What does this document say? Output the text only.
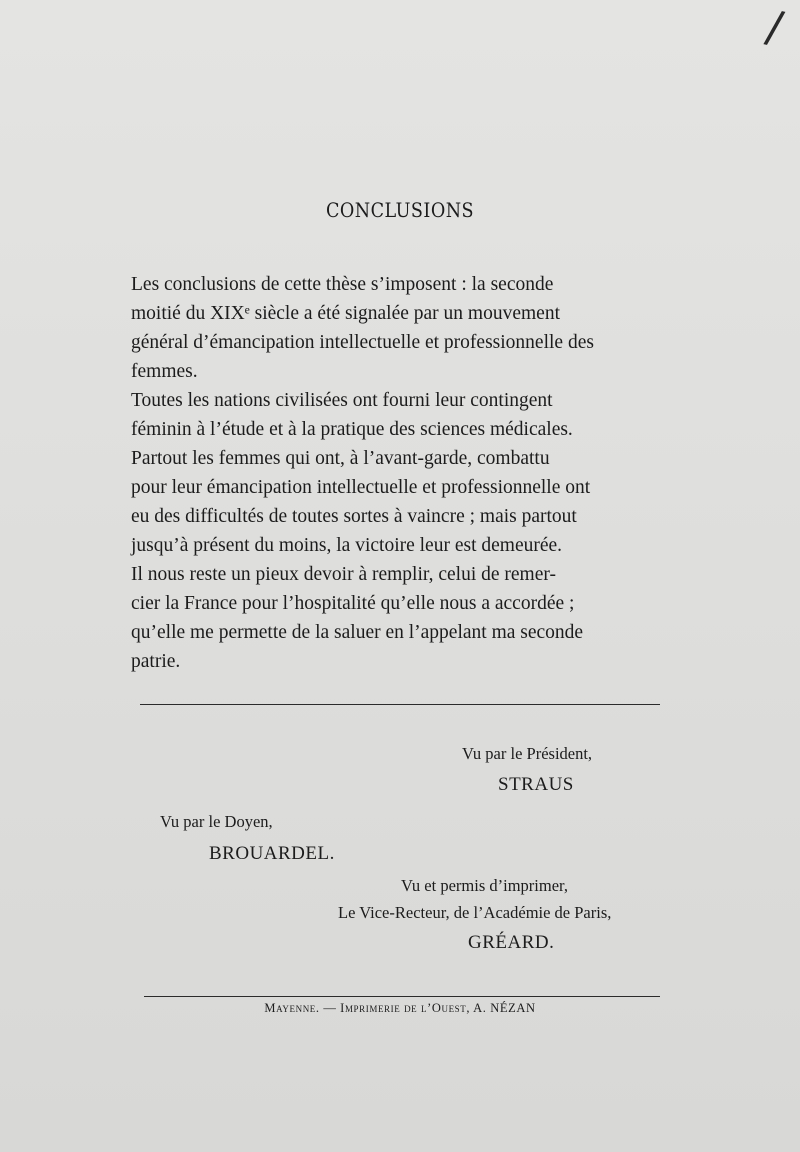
/
CONCLUSIONS

Les conclusions de cette thèse s’imposent : la seconde
moitié du XIXᵉ siècle a été signalée par un mouvement
général d’émancipation intellectuelle et professionnelle des
femmes.

Toutes les nations civilisées ont fourni leur contingent
féminin à l’étude et à la pratique des sciences médicales.

Partout les femmes qui ont, à l’avant-garde, combattu
pour leur émancipation intellectuelle et professionnelle ont
eu des difficultés de toutes sortes à vaincre ; mais partout
jusqu’à présent du moins, la victoire leur est demeurée.

Il nous reste un pieux devoir à remplir, celui de remer-
cier la France pour l’hospitalité qu’elle nous a accordée ;
qu’elle me permette de la saluer en l’appelant ma seconde
patrie.

Vu par le Président,
STRAUS
Vu par le Doyen,
BROUARDEL.
Vu et permis d’imprimer,
Le Vice-Recteur, de l’Académie de Paris,
GRÉARD.
Mayenne. — Imprimerie de l’Ouest, A. NÉZAN
